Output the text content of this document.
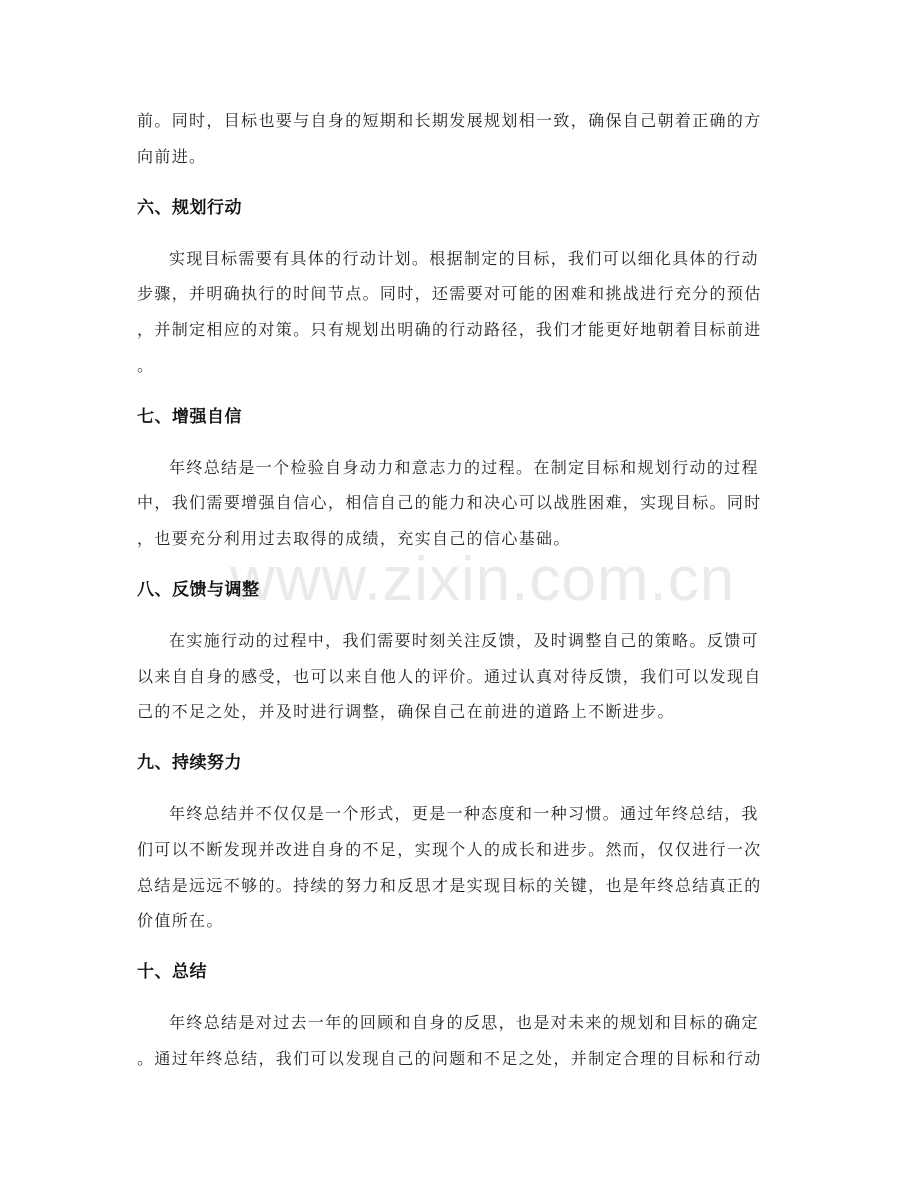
www.zixin.com.cn
前。同时，目标也要与自身的短期和长期发展规划相一致，确保自己朝着正确的方
向前进。
六、规划行动
实现目标需要有具体的行动计划。根据制定的目标，我们可以细化具体的行动
步骤，并明确执行的时间节点。同时，还需要对可能的困难和挑战进行充分的预估
，并制定相应的对策。只有规划出明确的行动路径，我们才能更好地朝着目标前进
。
七、增强自信
年终总结是一个检验自身动力和意志力的过程。在制定目标和规划行动的过程
中，我们需要增强自信心，相信自己的能力和决心可以战胜困难，实现目标。同时
，也要充分利用过去取得的成绩，充实自己的信心基础。
八、反馈与调整
在实施行动的过程中，我们需要时刻关注反馈，及时调整自己的策略。反馈可
以来自自身的感受，也可以来自他人的评价。通过认真对待反馈，我们可以发现自
己的不足之处，并及时进行调整，确保自己在前进的道路上不断进步。
九、持续努力
年终总结并不仅仅是一个形式，更是一种态度和一种习惯。通过年终总结，我
们可以不断发现并改进自身的不足，实现个人的成长和进步。然而，仅仅进行一次
总结是远远不够的。持续的努力和反思才是实现目标的关键，也是年终总结真正的
价值所在。
十、总结
年终总结是对过去一年的回顾和自身的反思，也是对未来的规划和目标的确定
。通过年终总结，我们可以发现自己的问题和不足之处，并制定合理的目标和行动
